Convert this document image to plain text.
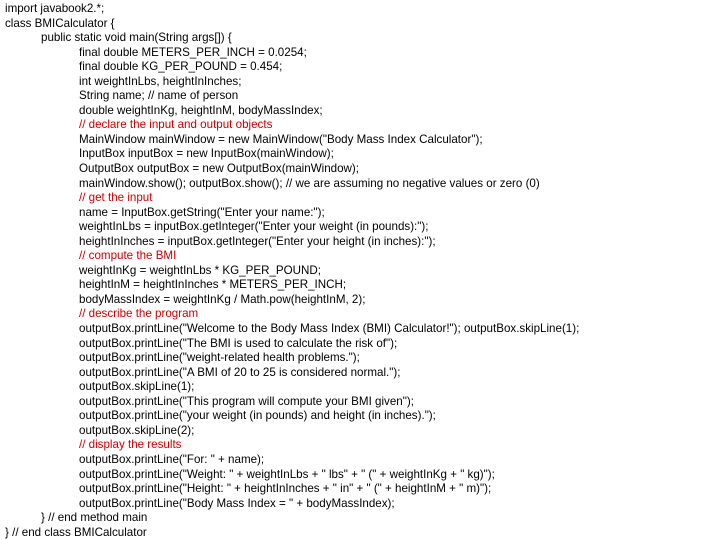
import javabook2.*;
class BMICalculator {
public static void main(String args[]) {
final double METERS_PER_INCH = 0.0254;
final double KG_PER_POUND = 0.454;
int weightInLbs, heightInInches;
String name; // name of person
double weightInKg, heightInM, bodyMassIndex;
// declare the input and output objects
MainWindow mainWindow = new MainWindow("Body Mass Index Calculator");
InputBox inputBox = new InputBox(mainWindow);
OutputBox outputBox = new OutputBox(mainWindow);
mainWindow.show(); outputBox.show(); // we are assuming no negative values or zero (0)
// get the input
name = InputBox.getString("Enter your name:");
weightInLbs = inputBox.getInteger("Enter your weight (in pounds):");
heightInInches = inputBox.getInteger("Enter your height (in inches):");
// compute the BMI
weightInKg = weightInLbs * KG_PER_POUND;
heightInM = heightInInches * METERS_PER_INCH;
bodyMassIndex = weightInKg / Math.pow(heightInM, 2);
// describe the program
outputBox.printLine("Welcome to the Body Mass Index (BMI) Calculator!"); outputBox.skipLine(1);
outputBox.printLine("The BMI is used to calculate the risk of");
outputBox.printLine("weight-related health problems.");
outputBox.printLine("A BMI of 20 to 25 is considered normal.");
outputBox.skipLine(1);
outputBox.printLine("This program will compute your BMI given");
outputBox.printLine("your weight (in pounds) and height (in inches).");
outputBox.skipLine(2);
// display the results
outputBox.printLine("For: " + name);
outputBox.printLine("Weight: " + weightInLbs + " lbs" + " (" + weightInKg + " kg)");
outputBox.printLine("Height: " + heightInInches + " in" + " (" + heightInM + " m)");
outputBox.printLine("Body Mass Index = " + bodyMassIndex);
} // end method main
} // end class BMICalculator
